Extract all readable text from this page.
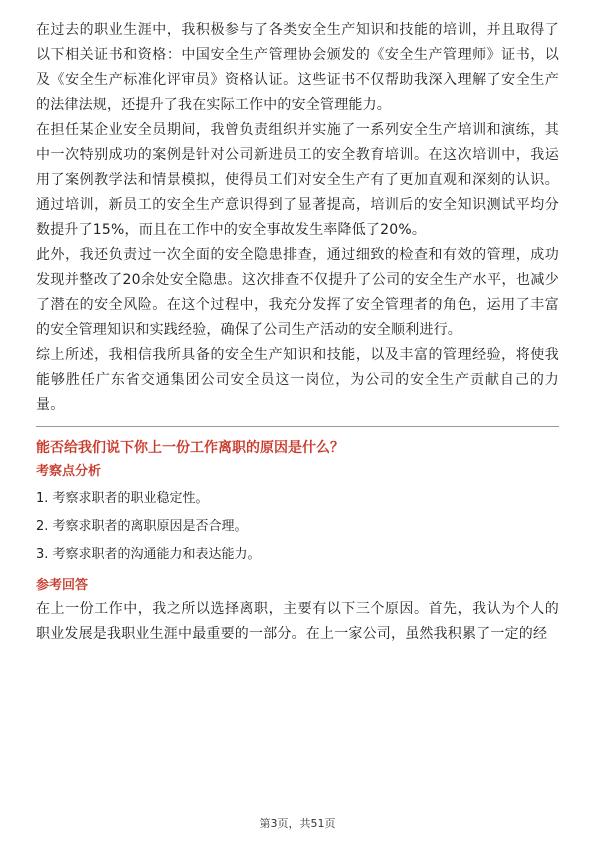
在过去的职业生涯中，我积极参与了各类安全生产知识和技能的培训，并且取得了以下相关证书和资格：中国安全生产管理协会颁发的《安全生产管理师》证书，以及《安全生产标准化评审员》资格认证。这些证书不仅帮助我深入理解了安全生产的法律法规，还提升了我在实际工作中的安全管理能力。

在担任某企业安全员期间，我曾负责组织并实施了一系列安全生产培训和演练，其中一次特别成功的案例是针对公司新进员工的安全教育培训。在这次培训中，我运用了案例教学法和情景模拟，使得员工们对安全生产有了更加直观和深刻的认识。通过培训，新员工的安全生产意识得到了显著提高，培训后的安全知识测试平均分数提升了15%，而且在工作中的安全事故发生率降低了20%。

此外，我还负责过一次全面的安全隐患排查，通过细致的检查和有效的管理，成功发现并整改了20余处安全隐患。这次排查不仅提升了公司的安全生产水平，也减少了潜在的安全风险。在这个过程中，我充分发挥了安全管理者的角色，运用了丰富的安全管理知识和实践经验，确保了公司生产活动的安全顺利进行。

综上所述，我相信我所具备的安全生产知识和技能，以及丰富的管理经验，将使我能够胜任广东省交通集团公司安全员这一岗位，为公司的安全生产贡献自己的力量。

能否给我们说下你上一份工作离职的原因是什么？
考察点分析
1. 考察求职者的职业稳定性。
2. 考察求职者的离职原因是否合理。
3. 考察求职者的沟通能力和表达能力。
参考回答

在上一份工作中，我之所以选择离职，主要有以下三个原因。首先，我认为个人的职业发展是我职业生涯中最重要的一部分。在上一家公司，虽然我积累了一定的经

第3页，共51页
